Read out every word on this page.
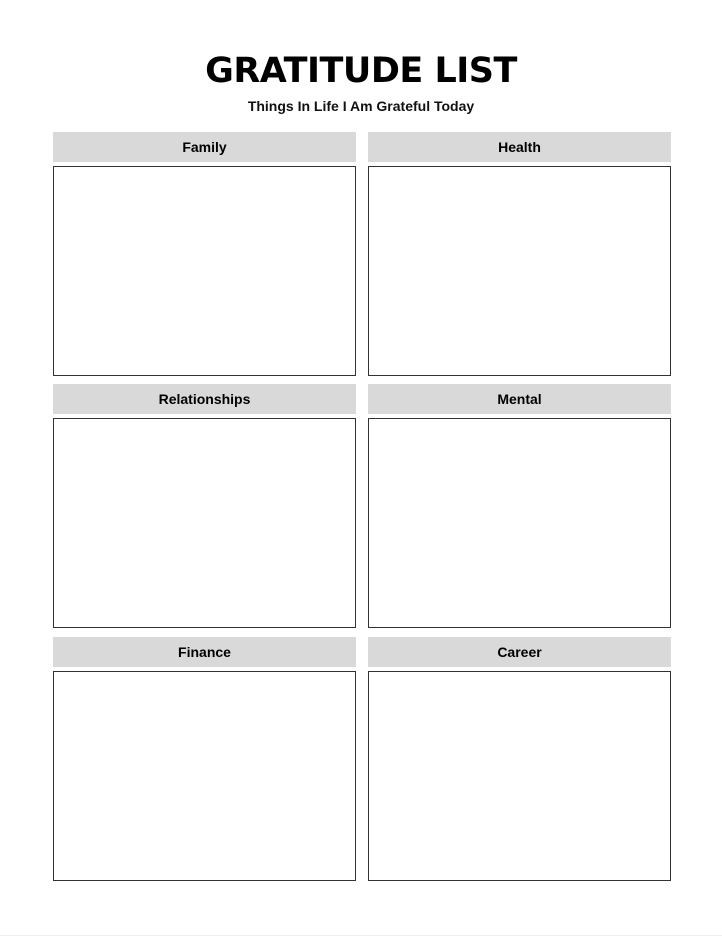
GRATITUDE LIST
Things In Life I Am Grateful Today
Family	Health
Relationships	Mental
Finance	Career
